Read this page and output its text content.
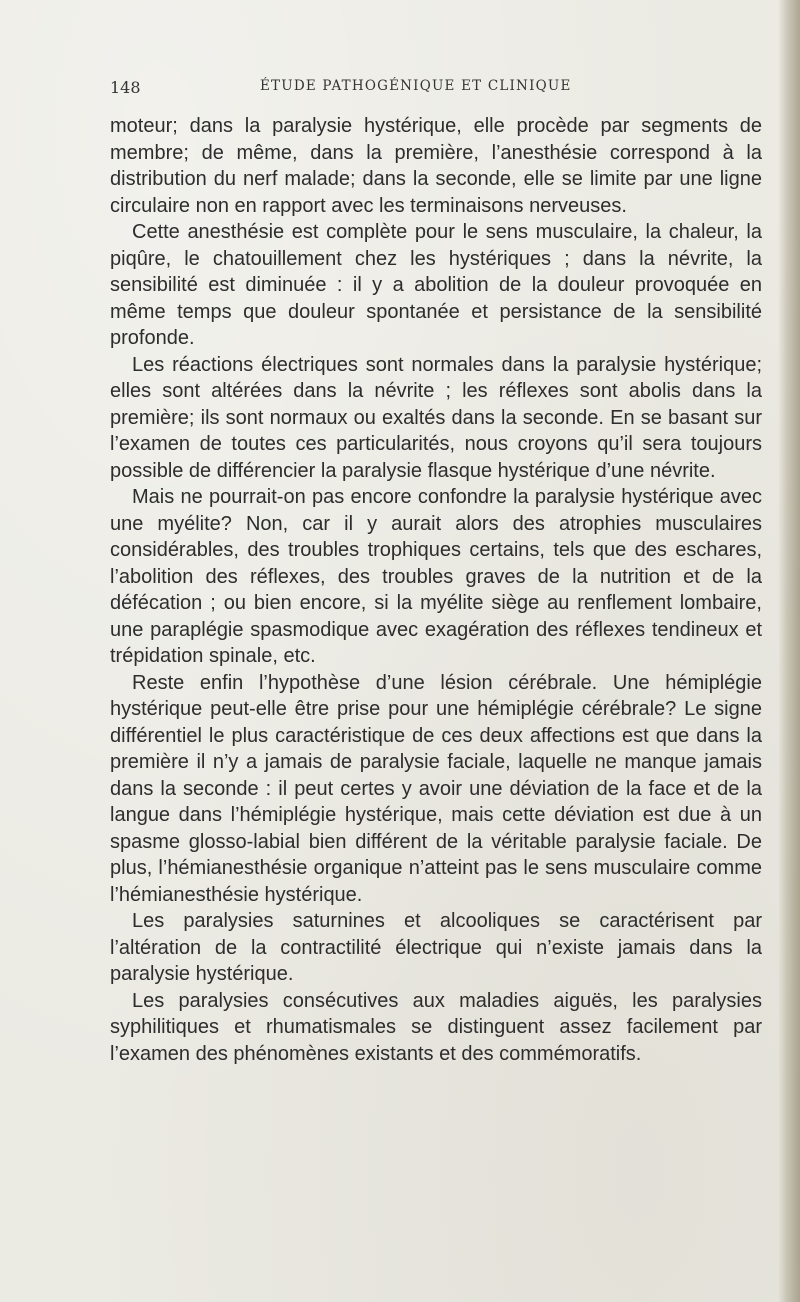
148	ÉTUDE PATHOGÉNIQUE ET CLINIQUE

moteur; dans la paralysie hystérique, elle procède par segments de membre; de même, dans la première, l’anesthésie correspond à la distribution du nerf malade; dans la seconde, elle se limite par une ligne circulaire non en rapport avec les terminaisons nerveuses.

Cette anesthésie est complète pour le sens musculaire, la chaleur, la piqûre, le chatouillement chez les hystériques ; dans la névrite, la sensibilité est diminuée : il y a abolition de la douleur provoquée en même temps que douleur spontanée et persistance de la sensibilité profonde.

Les réactions électriques sont normales dans la paralysie hystérique; elles sont altérées dans la névrite ; les réflexes sont abolis dans la première; ils sont normaux ou exaltés dans la seconde. En se basant sur l’examen de toutes ces particularités, nous croyons qu’il sera toujours possible de différencier la paralysie flasque hystérique d’une névrite.

Mais ne pourrait-on pas encore confondre la paralysie hystérique avec une myélite? Non, car il y aurait alors des atrophies musculaires considérables, des troubles trophiques certains, tels que des eschares, l’abolition des réflexes, des troubles graves de la nutrition et de la défécation ; ou bien encore, si la myélite siège au renflement lombaire, une paraplégie spasmodique avec exagération des réflexes tendineux et trépidation spinale, etc.

Reste enfin l’hypothèse d’une lésion cérébrale. Une hémiplégie hystérique peut-elle être prise pour une hémiplégie cérébrale? Le signe différentiel le plus caractéristique de ces deux affections est que dans la première il n’y a jamais de paralysie faciale, laquelle ne manque jamais dans la seconde : il peut certes y avoir une déviation de la face et de la langue dans l’hémiplégie hystérique, mais cette déviation est due à un spasme glosso-labial bien différent de la véritable paralysie faciale. De plus, l’hémianesthésie organique n’atteint pas le sens musculaire comme l’hémianesthésie hystérique.

Les paralysies saturnines et alcooliques se caractérisent par l’altération de la contractilité électrique qui n’existe jamais dans la paralysie hystérique.

Les paralysies consécutives aux maladies aiguës, les paralysies syphilitiques et rhumatismales se distinguent assez facilement par l’examen des phénomènes existants et des commémoratifs.
